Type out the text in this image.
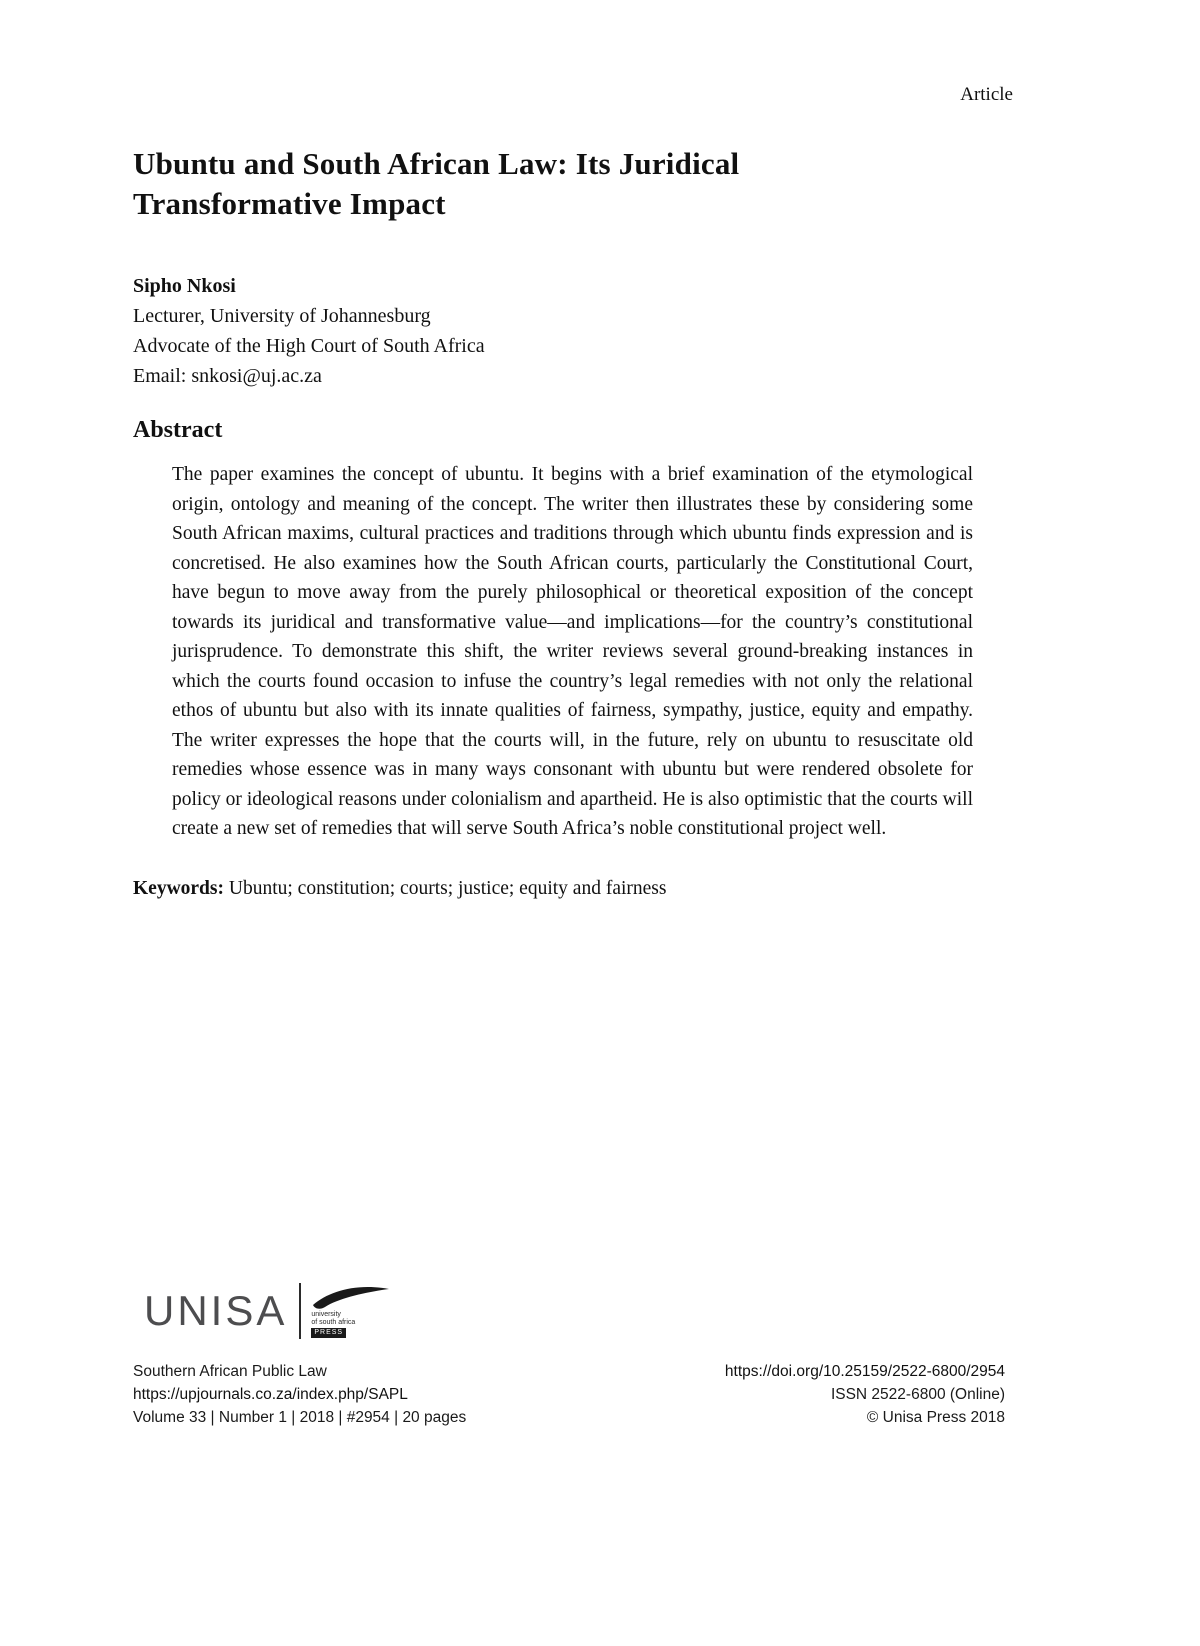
Article
Ubuntu and South African Law: Its Juridical Transformative Impact
Sipho Nkosi
Lecturer, University of Johannesburg
Advocate of the High Court of South Africa
Email: snkosi@uj.ac.za
Abstract

The paper examines the concept of ubuntu. It begins with a brief examination of the etymological origin, ontology and meaning of the concept. The writer then illustrates these by considering some South African maxims, cultural practices and traditions through which ubuntu finds expression and is concretised. He also examines how the South African courts, particularly the Constitutional Court, have begun to move away from the purely philosophical or theoretical exposition of the concept towards its juridical and transformative value—and implications—for the country’s constitutional jurisprudence. To demonstrate this shift, the writer reviews several ground-breaking instances in which the courts found occasion to infuse the country’s legal remedies with not only the relational ethos of ubuntu but also with its innate qualities of fairness, sympathy, justice, equity and empathy. The writer expresses the hope that the courts will, in the future, rely on ubuntu to resuscitate old remedies whose essence was in many ways consonant with ubuntu but were rendered obsolete for policy or ideological reasons under colonialism and apartheid. He is also optimistic that the courts will create a new set of remedies that will serve South Africa’s noble constitutional project well.

Keywords: Ubuntu; constitution; courts; justice; equity and fairness

UNISA	university
of south africa
PRESS
Southern African Public Law
https://upjournals.co.za/index.php/SAPL
Volume 33 | Number 1 | 2018 | #2954 | 20 pages
https://doi.org/10.25159/2522-6800/2954
ISSN 2522-6800 (Online)
© Unisa Press 2018
